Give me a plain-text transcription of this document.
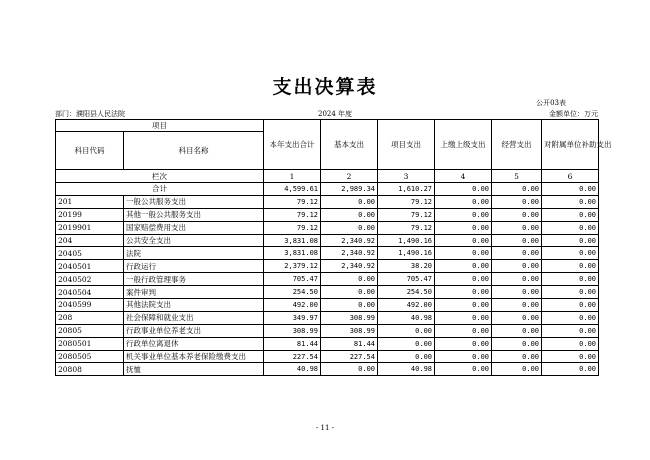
支出决算表
公开03表
部门：濮阳县人民法院	2024 年度	金额单位：万元
项目		本年支出合计	基本支出	项目支出	上缴上级支出	经营支出	对附属单位补助支出
科目代码	科目名称						
栏次		1	2	3	4	5	6
合计		4,599.61	2,989.34	1,610.27	0.00	0.00	0.00
201	一般公共服务支出	79.12	0.00	79.12	0.00	0.00	0.00
20199	其他一般公共服务支出	79.12	0.00	79.12	0.00	0.00	0.00
2019901	国家赔偿费用支出	79.12	0.00	79.12	0.00	0.00	0.00
204	公共安全支出	3,831.08	2,340.92	1,490.16	0.00	0.00	0.00
20405	法院	3,831.08	2,340.92	1,490.16	0.00	0.00	0.00
2040501	行政运行	2,379.12	2,340.92	38.20	0.00	0.00	0.00
2040502	一般行政管理事务	705.47	0.00	705.47	0.00	0.00	0.00
2040504	案件审判	254.50	0.00	254.50	0.00	0.00	0.00
2040599	其他法院支出	492.00	0.00	492.00	0.00	0.00	0.00
208	社会保障和就业支出	349.97	308.99	40.98	0.00	0.00	0.00
20805	行政事业单位养老支出	308.99	308.99	0.00	0.00	0.00	0.00
2080501	行政单位离退休	81.44	81.44	0.00	0.00	0.00	0.00
2080505	机关事业单位基本养老保险缴费支出	227.54	227.54	0.00	0.00	0.00	0.00
20808	抚恤	40.98	0.00	40.98	0.00	0.00	0.00
- 11 -
